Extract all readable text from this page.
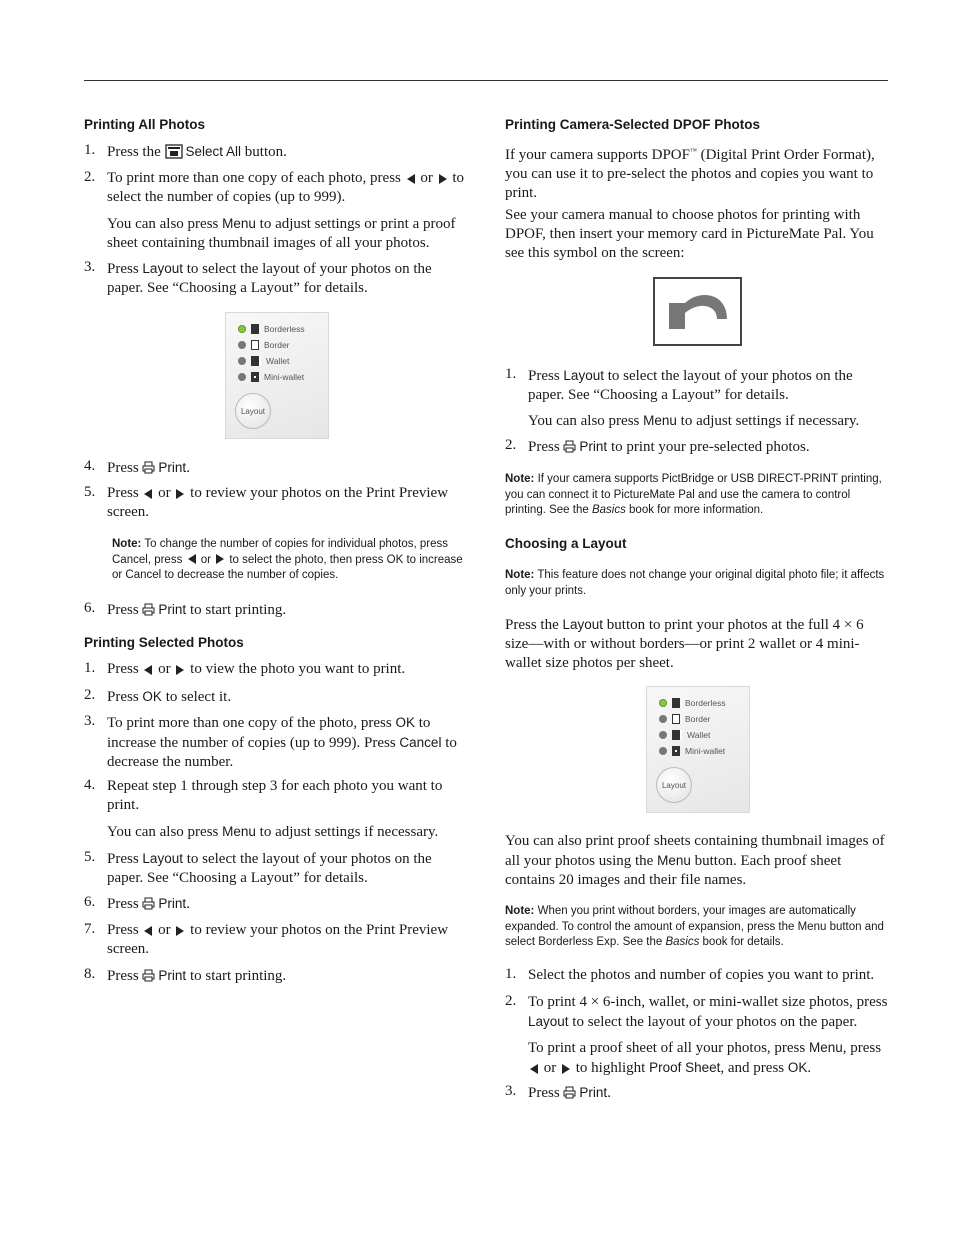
Printing All Photos
1. Press the Select All button.
2. To print more than one copy of each photo, press  or  to select the number of copies (up to 999).
You can also press Menu to adjust settings or print a proof sheet containing thumbnail images of all your photos.
3. Press Layout to select the layout of your photos on the paper. See “Choosing a Layout” for details.
Borderless
Border
Wallet
Mini-wallet
Layout
4. Press Print.
5. Press  or  to review your photos on the Print Preview screen.
Note: To change the number of copies for individual photos, press Cancel, press  or  to select the photo, then press OK to increase or Cancel to decrease the number of copies.
6. Press Print to start printing.
Printing Selected Photos
1. Press  or  to view the photo you want to print.
2. Press OK to select it.
3. To print more than one copy of the photo, press OK to increase the number of copies (up to 999). Press Cancel to decrease the number.
4. Repeat step 1 through step 3 for each photo you want to print.
You can also press Menu to adjust settings if necessary.
5. Press Layout to select the layout of your photos on the paper. See “Choosing a Layout” for details.
6. Press Print.
7. Press  or  to review your photos on the Print Preview screen.
8. Press Print to start printing.
Printing Camera-Selected DPOF Photos
If your camera supports DPOF™ (Digital Print Order Format), you can use it to pre-select the photos and copies you want to print.
See your camera manual to choose photos for printing with DPOF, then insert your memory card in PictureMate Pal. You see this symbol on the screen:
1. Press Layout to select the layout of your photos on the paper. See “Choosing a Layout” for details.
You can also press Menu to adjust settings if necessary.
2. Press Print to print your pre-selected photos.
Note: If your camera supports PictBridge or USB DIRECT-PRINT printing, you can connect it to PictureMate Pal and use the camera to control printing. See the Basics book for more information.
Choosing a Layout
Note: This feature does not change your original digital photo file; it affects only your prints.
Press the Layout button to print your photos at the full 4 × 6 size—with or without borders—or print 2 wallet or 4 mini-wallet size photos per sheet.
Borderless
Border
Wallet
Mini-wallet
Layout
You can also print proof sheets containing thumbnail images of all your photos using the Menu button. Each proof sheet contains 20 images and their file names.
Note: When you print without borders, your images are automatically expanded. To control the amount of expansion, press the Menu button and select Borderless Exp. See the Basics book for details.
1. Select the photos and number of copies you want to print.
2. To print 4 × 6-inch, wallet, or mini-wallet size photos, press Layout to select the layout of your photos on the paper.
To print a proof sheet of all your photos, press Menu, press  or  to highlight Proof Sheet, and press OK.
3. Press Print.
